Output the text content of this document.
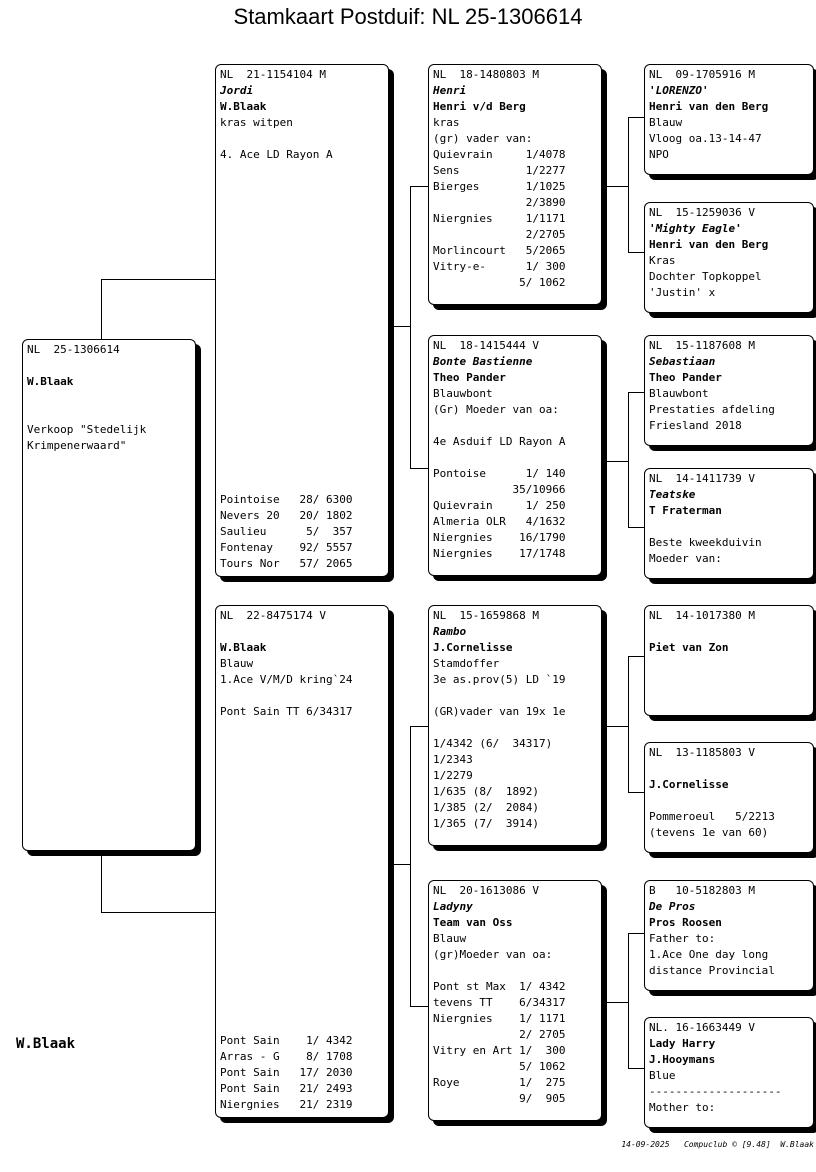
Stamkaart Postduif: NL 25-1306614
NL  25-1306614
W.Blaak
Verkoop "Stedelijk
Krimpenerwaard"
NL  21-1154104 M
Jordi
W.Blaak
kras witpen
4. Ace LD Rayon A
Pointoise   28/ 6300
Nevers 20   20/ 1802
Saulieu      5/  357
Fontenay    92/ 5557
Tours Nor   57/ 2065
NL  22-8475174 V
W.Blaak
Blauw
1.Ace V/M/D kring`24
Pont Sain TT 6/34317
Pont Sain    1/ 4342
Arras - G    8/ 1708
Pont Sain   17/ 2030
Pont Sain   21/ 2493
Niergnies   21/ 2319
NL  18-1480803 M
Henri
Henri v/d Berg
kras
(gr) vader van:
Quievrain     1/4078
Sens          1/2277
Bierges       1/1025
2/3890
Niergnies     1/1171
2/2705
Morlincourt   5/2065
Vitry-e-      1/ 300
5/ 1062
NL  18-1415444 V
Bonte Bastienne
Theo Pander
Blauwbont
(Gr) Moeder van oa:
4e Asduif LD Rayon A
Pontoise      1/ 140
35/10966
Quievrain     1/ 250
Almeria OLR   4/1632
Niergnies    16/1790
Niergnies    17/1748
NL  15-1659868 M
Rambo
J.Cornelisse
Stamdoffer
3e as.prov(5) LD `19
(GR)vader van 19x 1e
1/4342 (6/  34317)
1/2343
1/2279
1/635 (8/  1892)
1/385 (2/  2084)
1/365 (7/  3914)
NL  20-1613086 V
Ladyny
Team van Oss
Blauw
(gr)Moeder van oa:
Pont st Max  1/ 4342
tevens TT    6/34317
Niergnies    1/ 1171
2/ 2705
Vitry en Art 1/  300
5/ 1062
Roye         1/  275
9/  905
NL  09-1705916 M
'LORENZO'
Henri van den Berg
Blauw
Vloog oa.13-14-47
NPO
NL  15-1259036 V
'Mighty Eagle'
Henri van den Berg
Kras
Dochter Topkoppel
'Justin' x
NL  15-1187608 M
Sebastiaan
Theo Pander
Blauwbont
Prestaties afdeling
Friesland 2018
NL  14-1411739 V
Teatske
T Fraterman
Beste kweekduivin
Moeder van:
NL  14-1017380 M
Piet van Zon
NL  13-1185803 V
J.Cornelisse
Pommeroeul   5/2213
(tevens 1e van 60)
B   10-5182803 M
De Pros
Pros Roosen
Father to:
1.Ace One day long
distance Provincial
NL. 16-1663449 V
Lady Harry
J.Hooymans
Blue
--------------------
Mother to:
W.Blaak
14-09-2025   Compuclub © [9.48]  W.Blaak
